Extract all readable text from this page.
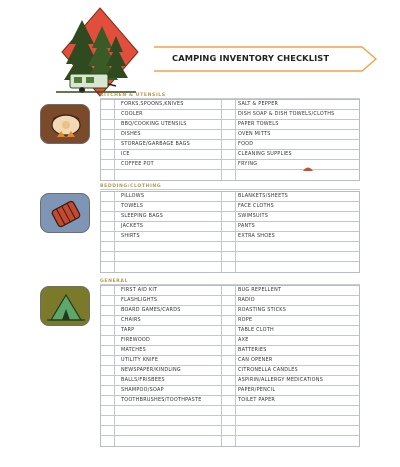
CAMPING INVENTORY CHECKLIST
KITCHEN & UTENSILS
FORKS,SPOONS,KNIVES	SALT & PEPPER
COOLER	DISH SOAP & DISH TOWELS/CLOTHS
BBQ/COOKING UTENSILS	PAPER TOWELS
DISHES	OVEN MITTS
STORAGE/GARBAGE BAGS	FOOD
ICE	CLEANING SUPPLIES
COFFEE POT	FRYING
BEDDING/CLOTHING
PILLOWS	BLANKETS/SHEETS
TOWELS	FACE CLOTHS
SLEEPING BAGS	SWIMSUITS
JACKETS	PANTS
SHIRTS	EXTRA SHOES
GENERAL
FIRST AID KIT	BUG REPELLENT
FLASHLIGHTS	RADIO
BOARD GAMES/CARDS	ROASTING STICKS
CHAIRS	ROPE
TARP	TABLE CLOTH
FIREWOOD	AXE
MATCHES	BATTERIES
UTILITY KNIFE	CAN OPENER
NEWSPAPER/KINDLING	CITRONELLA CANDLES
BALLS/FRISBEES	ASPIRIN/ALLERGY MEDICATIONS
SHAMPOO/SOAP	PAPER/PENCIL
TOOTHBRUSHES/TOOTHPASTE	TOILET PAPER
